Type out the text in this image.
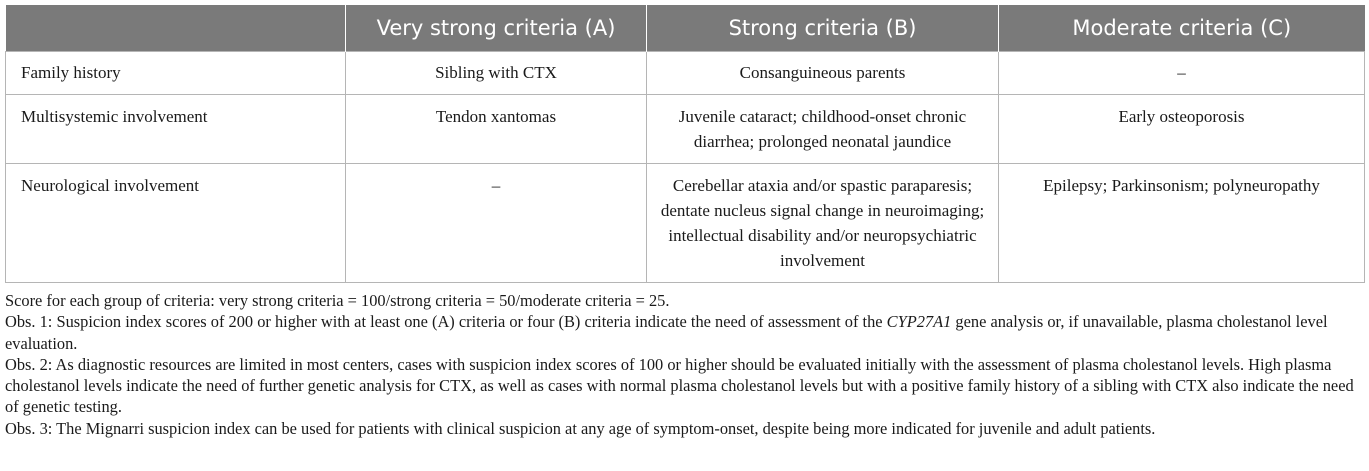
	Very strong criteria (A)	Strong criteria (B)	Moderate criteria (C)
Family history	Sibling with CTX	Consanguineous parents	–
Multisystemic involvement	Tendon xantomas	Juvenile cataract; childhood-onset chronic diarrhea; prolonged neonatal jaundice	Early osteoporosis
Neurological involvement	–	Cerebellar ataxia and/or spastic paraparesis; dentate nucleus signal change in neuroimaging; intellectual disability and/or neuropsychiatric involvement	Epilepsy; Parkinsonism; polyneuropathy

Score for each group of criteria: very strong criteria = 100/strong criteria = 50/moderate criteria = 25.

Obs. 1: Suspicion index scores of 200 or higher with at least one (A) criteria or four (B) criteria indicate the need of assessment of the CYP27A1 gene analysis or, if unavailable, plasma cholestanol level evaluation.

Obs. 2: As diagnostic resources are limited in most centers, cases with suspicion index scores of 100 or higher should be evaluated initially with the assessment of plasma cholestanol levels. High plasma cholestanol levels indicate the need of further genetic analysis for CTX, as well as cases with normal plasma cholestanol levels but with a positive family history of a sibling with CTX also indicate the need of genetic testing.

Obs. 3: The Mignarri suspicion index can be used for patients with clinical suspicion at any age of symptom-onset, despite being more indicated for juvenile and adult patients.
